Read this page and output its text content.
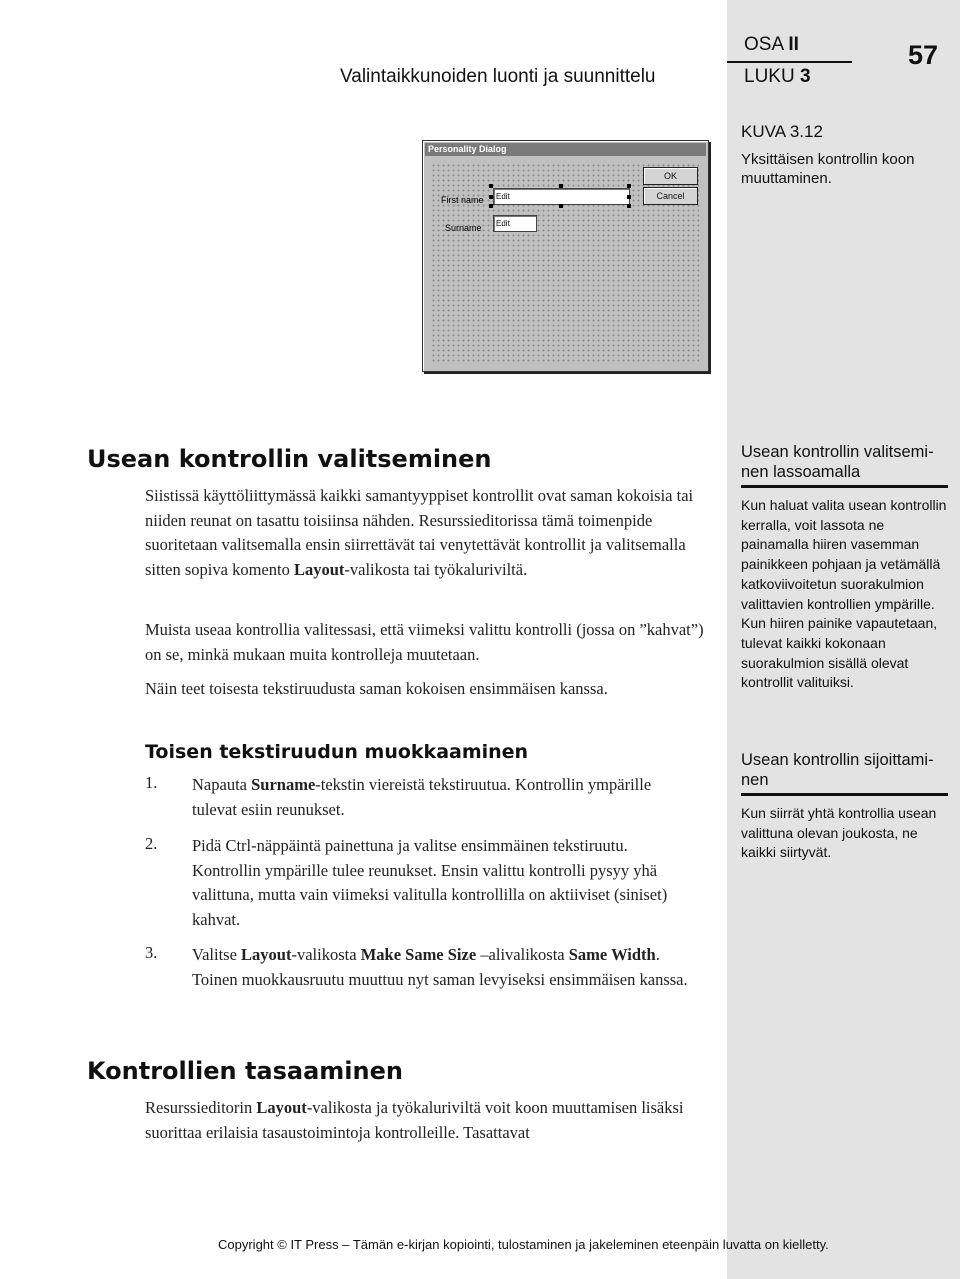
Valintaikkunoiden luonti ja suunnittelu
OSA II
LUKU 3
57
KUVA 3.12
Yksittäisen kontrollin koon muuttaminen.
Personality Dialog
OK
Cancel
First name
Surname
Edit
Edit
Usean kontrollin valitseminen

Siistissä käyttöliittymässä kaikki samantyyppiset kontrollit ovat saman kokoisia tai niiden reunat on tasattu toisiinsa nähden. Resurssieditorissa tämä toimenpide suoritetaan valitsemalla ensin siirrettävät tai venytettävät kontrollit ja valitsemalla sitten sopiva komento Layout-valikosta tai työkaluriviltä.

Muista useaa kontrollia valitessasi, että viimeksi valittu kontrolli (jossa on ”kahvat”) on se, minkä mukaan muita kontrolleja muutetaan.

Näin teet toisesta tekstiruudusta saman kokoisen ensimmäisen kanssa.

Toisen tekstiruudun muokkaaminen
1. Napauta Surname-tekstin viereistä tekstiruutua. Kontrollin ympärille tulevat esiin reunukset.

2. Pidä Ctrl-näppäintä painettuna ja valitse ensimmäinen tekstiruutu. Kontrollin ympärille tulee reunukset. Ensin valittu kontrolli pysyy yhä valittuna, mutta vain viimeksi valitulla kontrollilla on aktiiviset (siniset) kahvat.

3. Valitse Layout-valikosta Make Same Size –alivalikosta Same Width. Toinen muokkausruutu muuttuu nyt saman levyiseksi ensimmäisen kanssa.

Kontrollien tasaaminen

Resurssieditorin Layout-valikosta ja työkaluriviltä voit koon muuttamisen lisäksi suorittaa erilaisia tasaustoimintoja kontrolleille. Tasattavat

Usean kontrollin valitseminen lassoamalla
Kun haluat valita usean kontrollin kerralla, voit lassota ne painamalla hiiren vasemman painikkeen pohjaan ja vetämällä katkoviivoitetun suorakulmion valittavien kontrollien ympärille. Kun hiiren painike vapautetaan, tulevat kaikki kokonaan suorakulmion sisällä olevat kontrollit valituiksi.
Usean kontrollin sijoittaminen
Kun siirrät yhtä kontrollia usean valittuna olevan joukosta, ne kaikki siirtyvät.
Copyright © IT Press – Tämän e-kirjan kopiointi, tulostaminen ja jakeleminen eteenpäin luvatta on kielletty.
